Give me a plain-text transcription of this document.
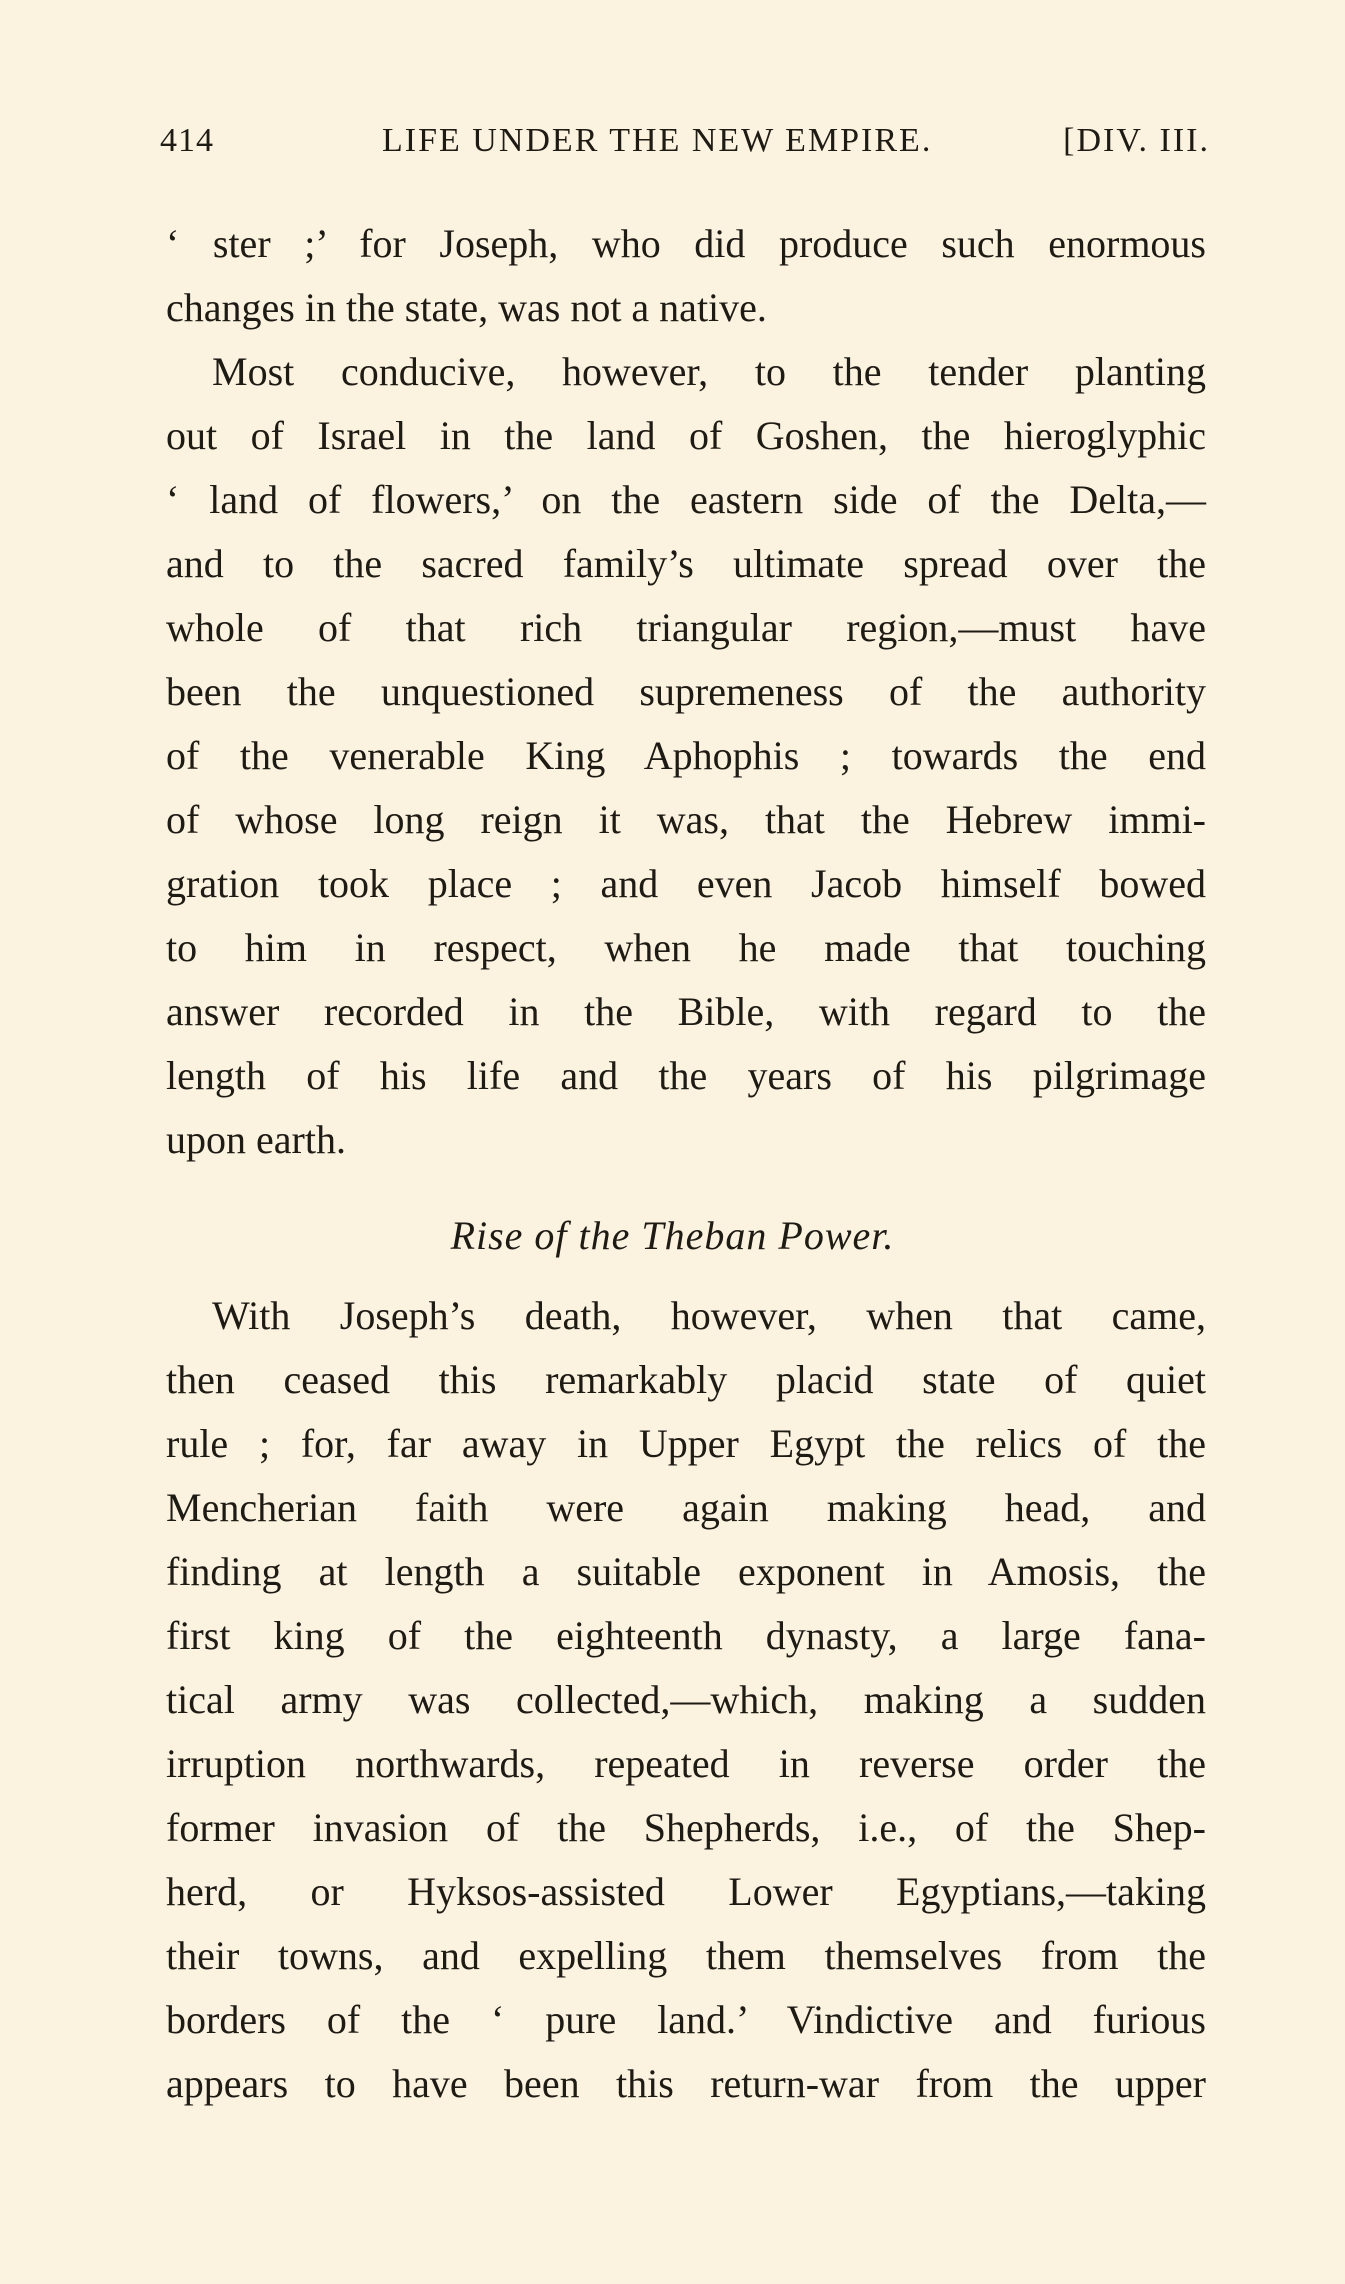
414	LIFE UNDER THE NEW EMPIRE.	[DIV. III.
‘ ster ;’ for Joseph, who did produce such enormous
changes in the state, was not a native.
Most conducive, however, to the tender planting
out of Israel in the land of Goshen, the hieroglyphic
‘ land of flowers,’ on the eastern side of the Delta,—
and to the sacred family’s ultimate spread over the
whole of that rich triangular region,—must have
been the unquestioned supremeness of the authority
of the venerable King Aphophis ; towards the end
of whose long reign it was, that the Hebrew immi-
gration took place ; and even Jacob himself bowed
to him in respect, when he made that touching
answer recorded in the Bible, with regard to the
length of his life and the years of his pilgrimage
upon earth.
Rise of the Theban Power.
With Joseph’s death, however, when that came,
then ceased this remarkably placid state of quiet
rule ; for, far away in Upper Egypt the relics of the
Mencherian faith were again making head, and
finding at length a suitable exponent in Amosis, the
first king of the eighteenth dynasty, a large fana-
tical army was collected,—which, making a sudden
irruption northwards, repeated in reverse order the
former invasion of the Shepherds, i.e., of the Shep-
herd, or Hyksos-assisted Lower Egyptians,—taking
their towns, and expelling them themselves from the
borders of the ‘ pure land.’ Vindictive and furious
appears to have been this return-war from the upper
